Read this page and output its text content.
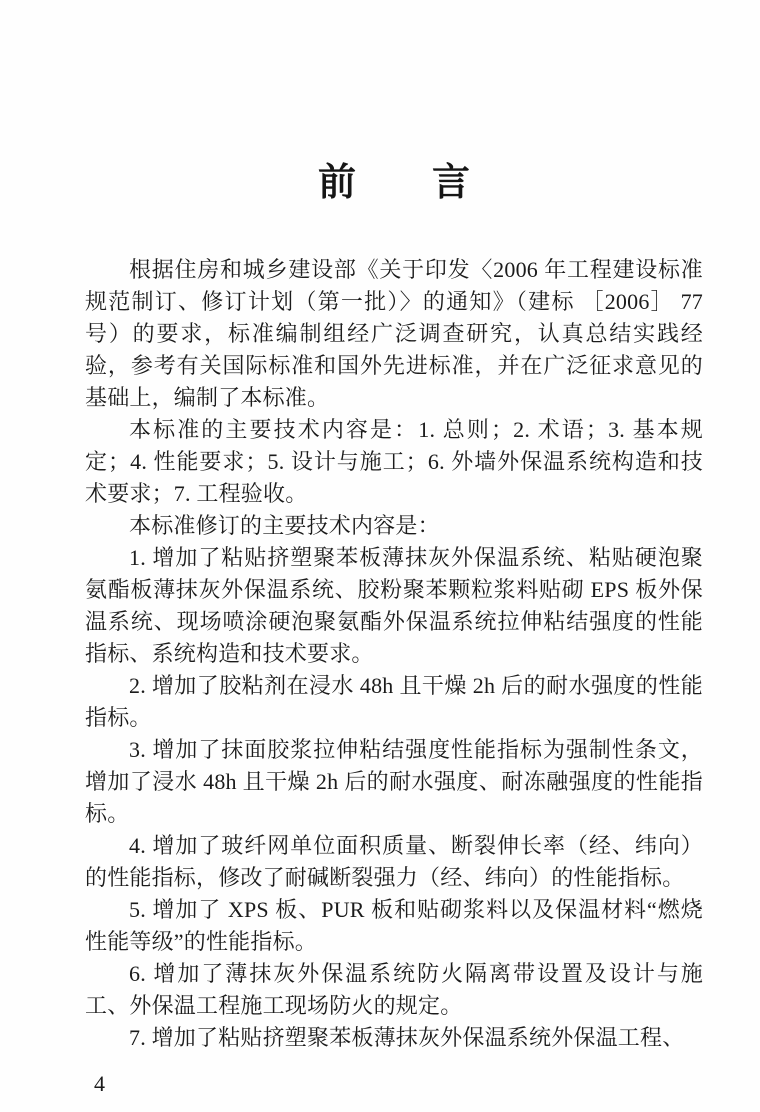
前　　言

根据住房和城乡建设部《关于印发〈2006 年工程建设标准规范制订、修订计划（第一批）〉的通知》（建标 ［2006］ 77 号）的要求，标准编制组经广泛调查研究，认真总结实践经验，参考有关国际标准和国外先进标准，并在广泛征求意见的基础上，编制了本标准。

本标准的主要技术内容是：1. 总则；2. 术语；3. 基本规定；4. 性能要求；5. 设计与施工；6. 外墙外保温系统构造和技术要求；7. 工程验收。

本标准修订的主要技术内容是：

1. 增加了粘贴挤塑聚苯板薄抹灰外保温系统、粘贴硬泡聚氨酯板薄抹灰外保温系统、胶粉聚苯颗粒浆料贴砌 EPS 板外保温系统、现场喷涂硬泡聚氨酯外保温系统拉伸粘结强度的性能指标、系统构造和技术要求。

2. 增加了胶粘剂在浸水 48h 且干燥 2h 后的耐水强度的性能指标。

3. 增加了抹面胶浆拉伸粘结强度性能指标为强制性条文，增加了浸水 48h 且干燥 2h 后的耐水强度、耐冻融强度的性能指标。

4. 增加了玻纤网单位面积质量、断裂伸长率（经、纬向）的性能指标，修改了耐碱断裂强力（经、纬向）的性能指标。

5. 增加了 XPS 板、PUR 板和贴砌浆料以及保温材料“燃烧性能等级”的性能指标。

6. 增加了薄抹灰外保温系统防火隔离带设置及设计与施工、外保温工程施工现场防火的规定。

7. 增加了粘贴挤塑聚苯板薄抹灰外保温系统外保温工程、

4
